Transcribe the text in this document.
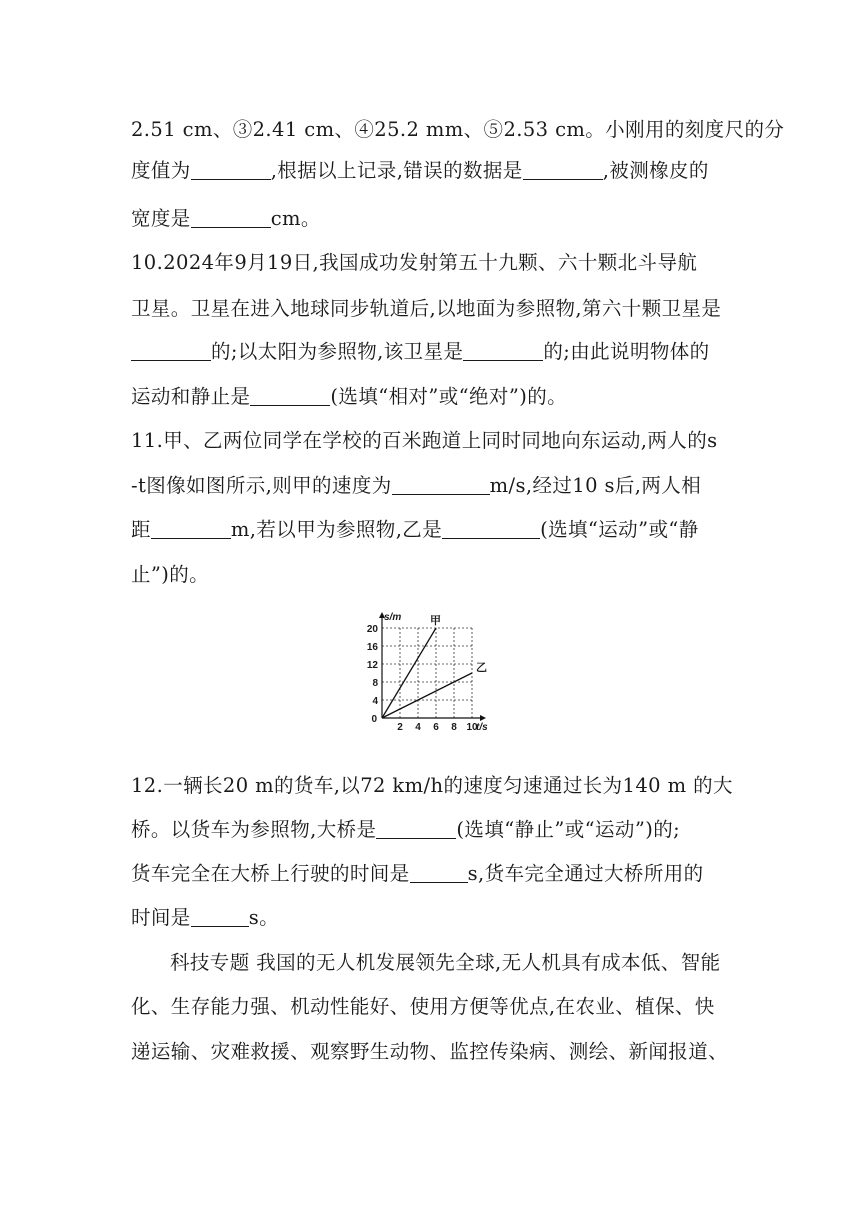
2.51 cm、③2.41 cm、④25.2 mm、⑤2.53 cm。小刚用的刻度尺的分
度值为	,根据以上记录,错误的数据是	,被测橡皮的
宽度是	cm。
10.2024年9月19日,我国成功发射第五十九颗、六十颗北斗导航
卫星。卫星在进入地球同步轨道后,以地面为参照物,第六十颗卫星是
的;以太阳为参照物,该卫星是	的;由此说明物体的
运动和静止是	(选填“相对”或“绝对”)的。
11.甲、乙两位同学在学校的百米跑道上同时同地向东运动,两人的s
-t图像如图所示,则甲的速度为	m/s,经过10 s后,两人相
距	m,若以甲为参照物,乙是	(选填“运动”或“静
止”)的。
2 4 6 8 10
20
16
12
8
4
0
t/s
s/m	甲
乙
12.一辆长20 m的货车,以72 km/h的速度匀速通过长为140 m 的大
桥。以货车为参照物,大桥是	(选填“静止”或“运动”)的;
货车完全在大桥上行驶的时间是	s,货车完全通过大桥所用的
时间是	s。
科技专题 我国的无人机发展领先全球,无人机具有成本低、智能
化、生存能力强、机动性能好、使用方便等优点,在农业、植保、快
递运输、灾难救援、观察野生动物、监控传染病、测绘、新闻报道、
